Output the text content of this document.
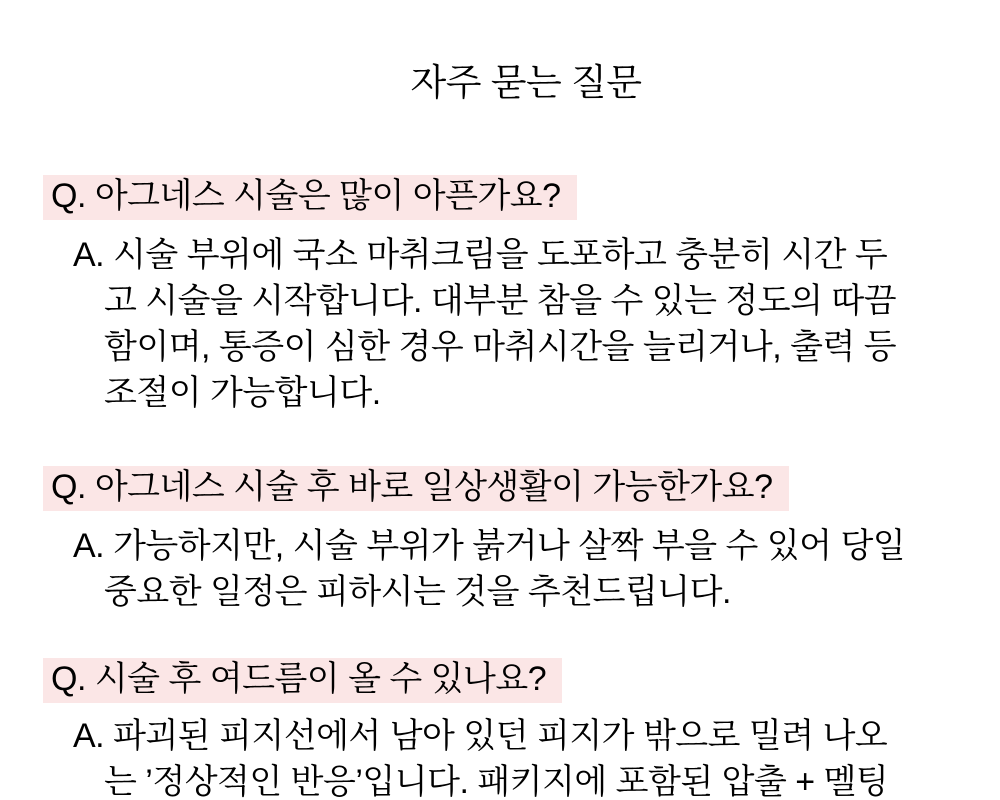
자주 묻는 질문
Q. 아그네스 시술은 많이 아픈가요?
A. 시술 부위에 국소 마취크림을 도포하고 충분히 시간 두
고 시술을 시작합니다. 대부분 참을 수 있는 정도의 따끔
함이며, 통증이 심한 경우 마취시간을 늘리거나, 출력 등
조절이 가능합니다.
Q. 아그네스 시술 후 바로 일상생활이 가능한가요?
A. 가능하지만, 시술 부위가 붉거나 살짝 부을 수 있어 당일
중요한 일정은 피하시는 것을 추천드립니다.
Q. 시술 후 여드름이 올 수 있나요?
A. 파괴된 피지선에서 남아 있던 피지가 밖으로 밀려 나오
는 ’정상적인 반응’입니다. 패키지에 포함된 압출 + 멜팅
